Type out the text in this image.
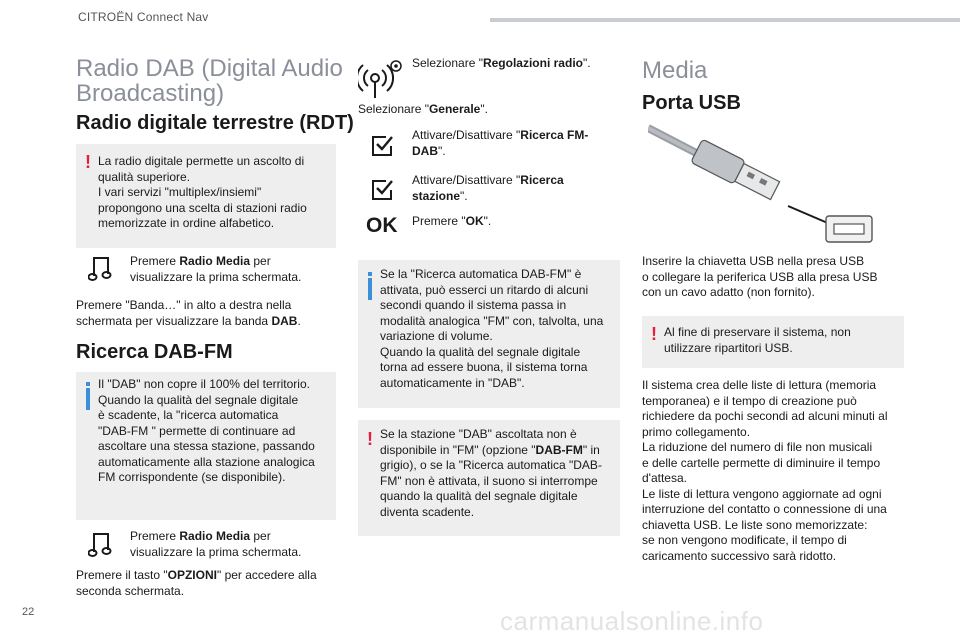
CITROËN Connect Nav
22	carmanualsonline.info
Radio DAB (Digital Audio
Broadcasting)
Radio digitale terrestre (RDT)
! La radio digitale permette un ascolto di
qualità superiore.
I vari servizi "multiplex/insiemi"
propongono una scelta di stazioni radio
memorizzate in ordine alfabetico.
Premere Radio Media per
visualizzare la prima schermata.
Premere "Banda…" in alto a destra nella
schermata per visualizzare la banda DAB.
Ricerca DAB-FM
Il "DAB" non copre il 100% del territorio.
Quando la qualità del segnale digitale
è scadente, la "ricerca automatica
"DAB-FM " permette di continuare ad
ascoltare una stessa stazione, passando
automaticamente alla stazione analogica
FM corrispondente (se disponibile).
Premere Radio Media per
visualizzare la prima schermata.
Premere il tasto "OPZIONI" per accedere alla
seconda schermata.
Selezionare "Regolazioni radio".
Selezionare "Generale".
Attivare/Disattivare "Ricerca FM-
DAB".
Attivare/Disattivare "Ricerca
stazione".
OK Premere "OK".
Se la "Ricerca automatica DAB-FM" è
attivata, può esserci un ritardo di alcuni
secondi quando il sistema passa in
modalità analogica "FM" con, talvolta, una
variazione di volume.
Quando la qualità del segnale digitale
torna ad essere buona, il sistema torna
automaticamente in "DAB".
! Se la stazione "DAB" ascoltata non è
disponibile in "FM" (opzione "DAB-FM" in
grigio), o se la "Ricerca automatica "DAB-
FM" non è attivata, il suono si interrompe
quando la qualità del segnale digitale
diventa scadente.
Media
Porta USB
Inserire la chiavetta USB nella presa USB
o collegare la periferica USB alla presa USB
con un cavo adatto (non fornito).
! Al fine di preservare il sistema, non
utilizzare ripartitori USB.
Il sistema crea delle liste di lettura (memoria
temporanea) e il tempo di creazione può
richiedere da pochi secondi ad alcuni minuti al
primo collegamento.
La riduzione del numero di file non musicali
e delle cartelle permette di diminuire il tempo
d'attesa.
Le liste di lettura vengono aggiornate ad ogni
interruzione del contatto o connessione di una
chiavetta USB. Le liste sono memorizzate:
se non vengono modificate, il tempo di
caricamento successivo sarà ridotto.
